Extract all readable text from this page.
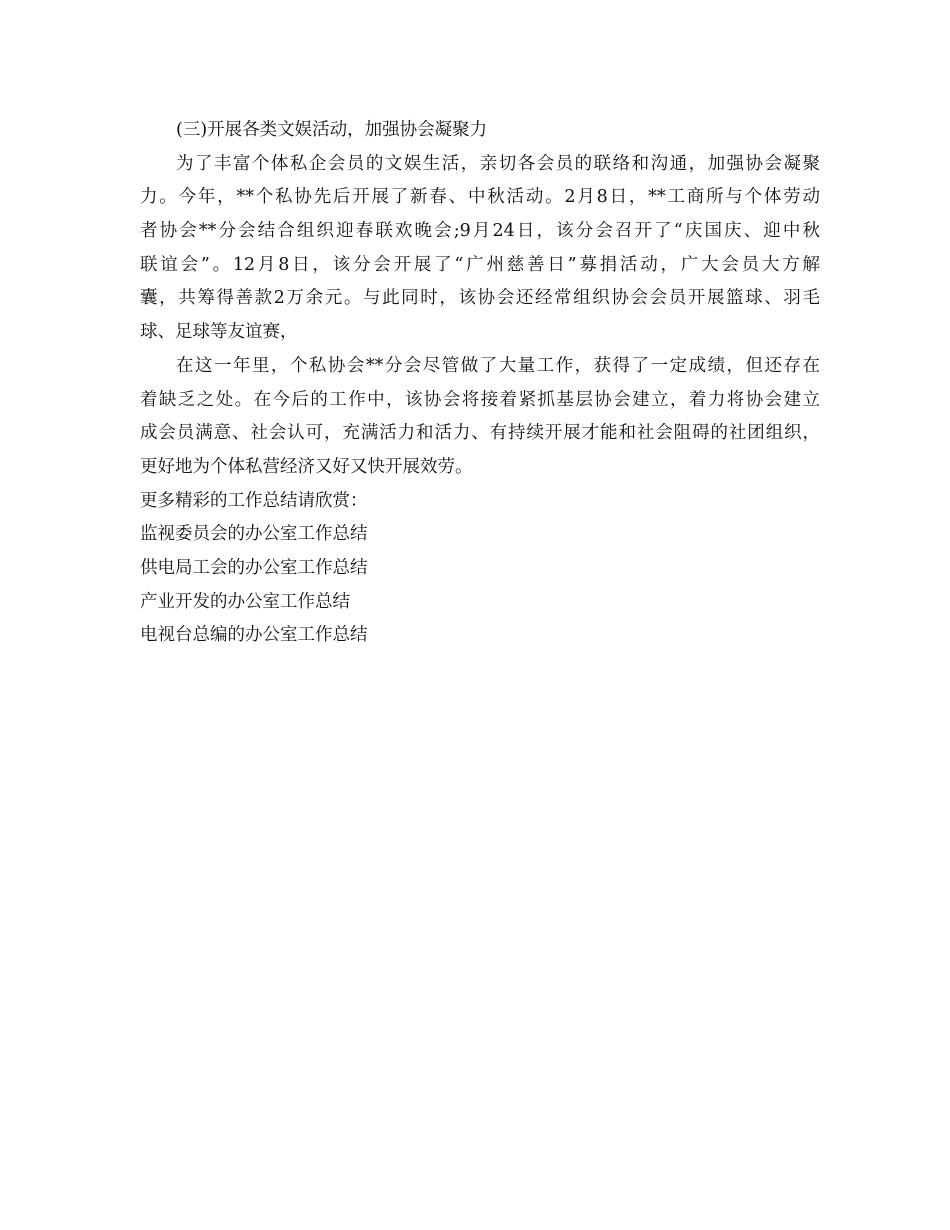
(三)开展各类文娱活动，加强协会凝聚力

为了丰富个体私企会员的文娱生活，亲切各会员的联络和沟通，加强协会凝聚

力。今年，**个私协先后开展了新春、中秋活动。2月8日，**工商所与个体劳动

者协会**分会结合组织迎春联欢晚会;9月24日，该分会召开了“庆国庆、迎中秋

联谊会”。12月8日，该分会开展了“广州慈善日”募捐活动，广大会员大方解

囊，共筹得善款2万余元。与此同时，该协会还经常组织协会会员开展篮球、羽毛

球、足球等友谊赛，

在这一年里，个私协会**分会尽管做了大量工作，获得了一定成绩，但还存在

着缺乏之处。在今后的工作中，该协会将接着紧抓基层协会建立，着力将协会建立

成会员满意、社会认可，充满活力和活力、有持续开展才能和社会阻碍的社团组织，

更好地为个体私营经济又好又快开展效劳。

更多精彩的工作总结请欣赏：

监视委员会的办公室工作总结

供电局工会的办公室工作总结

产业开发的办公室工作总结

电视台总编的办公室工作总结
